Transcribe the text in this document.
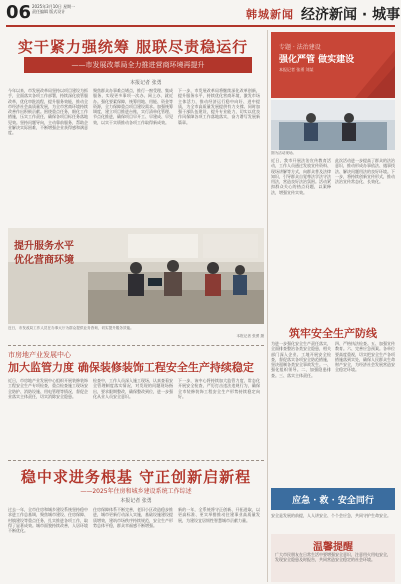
06 2025年3月10日 星期一
责任编辑 版式设计	韩城新闻 经济新闻 · 城事
实干紧力强统筹 服联尽责稳运行
——市发展改革局全力推进营商环境再提升
本报记者 张勇

今年以来，市发展改革局坚持以项目建设为抓手，全面落实各项工作部署，持续深化放管服改革，优化审批流程，提升服务效能，推动全市经济社会高质量发展，为全市营商环境持续改善作出积极贡献。围绕重点任务，细化工作措施，压实工作责任，确保各项目标任务落地见效。坚持问题导向，主动靠前服务，帮助企业解决实际困难，不断增强企业获得感和满意度。

聚焦群众办事难点堵点，推行一窗受理、集成服务，实现更多事项一次办、网上办、就近办。强化要素保障，统筹用地、用能、资金等资源，全力保障重点项目建设需求。加强统筹调度，建立项目推进台账，实行清单化管理、节点化推进，确保项目早开工、早建成、早见效，以实干实绩推动各项工作取得新成效。

下一步，市发展改革局将继续深化改革创新，提升服务水平，持续优化营商环境，激发市场主体活力，推动经济运行稳中向好、进中提质，为全市高质量发展提供有力支撑。同时加强干部队伍建设，提升专业能力，切实以优良作风保障各项工作落地落实，奋力谱写发展新篇章。

提升服务水平
优化营商环境
近日，市发改局工作人员在办事大厅为群众提供业务咨询，切实提升服务效能。
本报记者 张勇 摄
市房地产业发展中心
加大监管力度 确保装修装饰工程安全生产持续稳定

近日，市房地产业发展中心组织开展装修装饰工程安全生产专项检查，重点检查施工现场安全防护、消防设施、用电管理等情况，督促企业落实主体责任，切实消除安全隐患。

检查中，工作人员深入施工现场，认真查看安全管理制度落实情况，对发现的问题现场指出，要求限期整改，确保整改到位，进一步强化从业人员安全意识。

下一步，该中心将持续加大监管力度，常态化开展安全检查，严厉打击违法违规行为，确保全市装修装饰工程安全生产形势持续稳定向好。

稳中求进务根基 守正创新启新程
——2025年住房和城乡建设系统工作综述
本报记者 张勇

过去一年，全市住房和城乡建设系统坚持稳中求进工作总基调，聚焦城市建设、住房保障、村镇建设等重点任务，扎实推进各项工作，取得了显著成效。城市面貌持续改善，人居环境不断优化。

住房保障体系不断完善，老旧小区改造稳步推进，城市更新行动深入实施，基础设施建设提质增效，建筑市场秩序持续规范，安全生产形势总体平稳，群众幸福感不断增强。

新的一年，全系统将守正创新、开拓进取，以更高标准、更实举措推动住建事业高质量发展，为建设宜居韧性智慧城市贡献力量。

专题 · 法治建设
强化严管 做实建设
本报记者 张勇 刘某
图为活动现场。

近日，我市开展法治宣传教育活动，工作人员通过发放宣传资料、现场讲解等方式，向群众普及法律知识，引导群众自觉尊法学法守法用法，营造良好法治氛围。活动紧扣群众关心的热点问题，以案释法，增强宣传实效。

此次活动进一步提高了群众的法治意识，推动形成办事依法、遇事找法、解决问题用法的良好环境。下一步，将持续创新宣传形式，推动法治宣传常态化、长效化。

筑牢安全生产防线

为进一步强化安全生产责任落实，全面排查整治各类安全隐患，相关部门深入企业、工地开展安全检查，督促落实各项安全防范措施，坚决遏制各类安全事故发生。一、强化组织领导。二、加强隐患排查。三、落实主体责任。

四、严格执法检查。五、加强宣传教育。六、完善应急预案。各单位要高度重视，切实把安全生产各项措施落到实处，确保人民群众生命财产安全，为经济社会发展营造安全稳定环境。

应急 · 救 · 安全同行

安全是发展的前提，人人讲安全、个个会应急，共同守护生命安全。

温馨提醒

广大市民朋友在日常生活中要增强安全意识，注意用火用电安全，发现安全隐患及时报告，共同营造安全稳定的社会环境。
